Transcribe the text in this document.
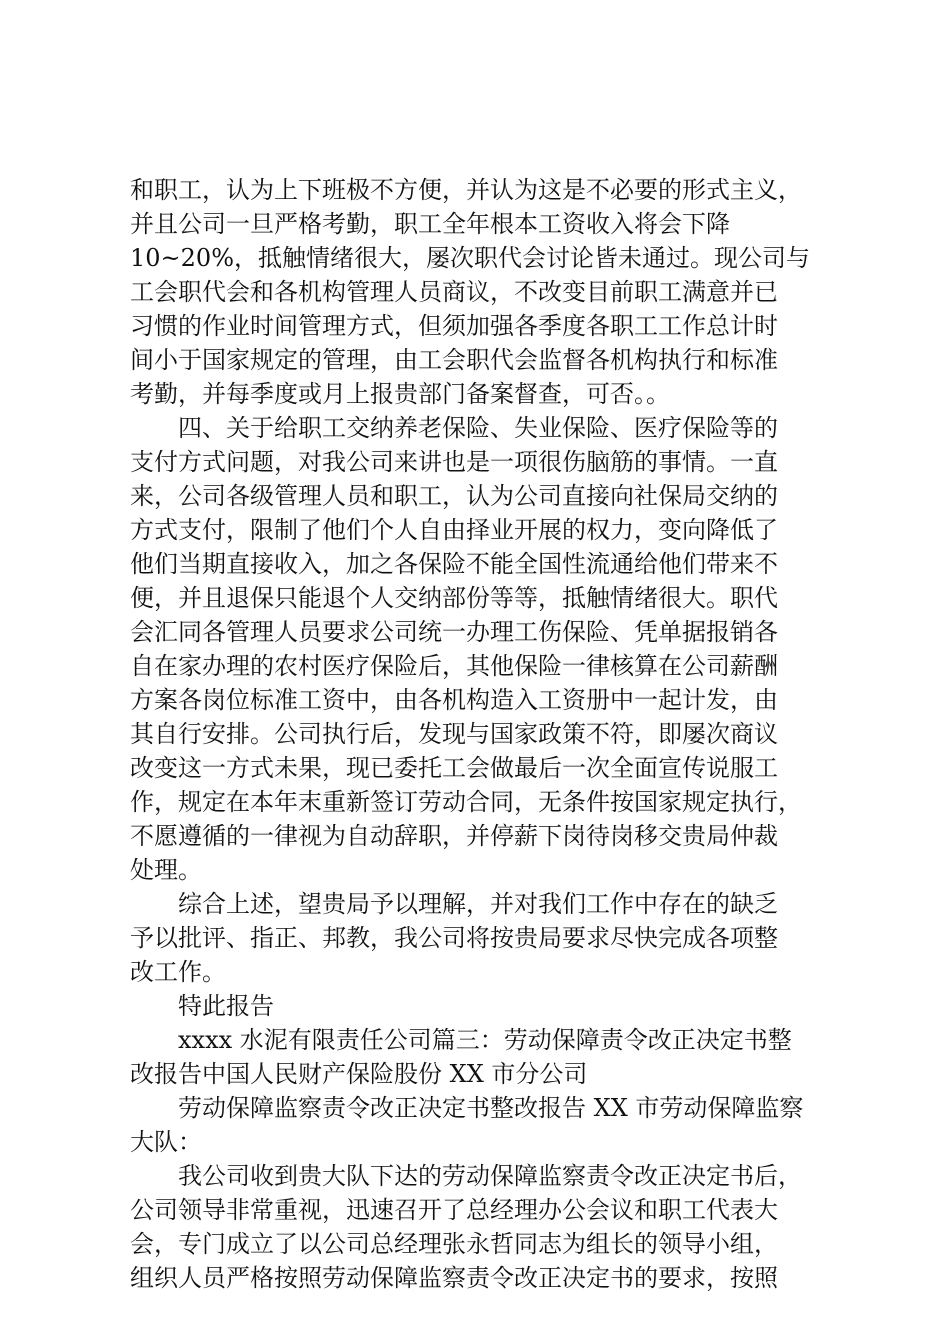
和职工，认为上下班极不方便，并认为这是不必要的形式主义，
并且公司一旦严格考勤，职工全年根本工资收入将会下降
10~20%，抵触情绪很大，屡次职代会讨论皆未通过。现公司与
工会职代会和各机构管理人员商议，不改变目前职工满意并已
习惯的作业时间管理方式，但须加强各季度各职工工作总计时
间小于国家规定的管理，由工会职代会监督各机构执行和标准
考勤，并每季度或月上报贵部门备案督查，可否。。
四、关于给职工交纳养老保险、失业保险、医疗保险等的
支付方式问题，对我公司来讲也是一项很伤脑筋的事情。一直
来，公司各级管理人员和职工，认为公司直接向社保局交纳的
方式支付，限制了他们个人自由择业开展的权力，变向降低了
他们当期直接收入，加之各保险不能全国性流通给他们带来不
便，并且退保只能退个人交纳部份等等，抵触情绪很大。职代
会汇同各管理人员要求公司统一办理工伤保险、凭单据报销各
自在家办理的农村医疗保险后，其他保险一律核算在公司薪酬
方案各岗位标准工资中，由各机构造入工资册中一起计发，由
其自行安排。公司执行后，发现与国家政策不符，即屡次商议
改变这一方式未果，现已委托工会做最后一次全面宣传说服工
作，规定在本年末重新签订劳动合同，无条件按国家规定执行，
不愿遵循的一律视为自动辞职，并停薪下岗待岗移交贵局仲裁
处理。
综合上述，望贵局予以理解，并对我们工作中存在的缺乏
予以批评、指正、邦教，我公司将按贵局要求尽快完成各项整
改工作。
特此报告
xxxx 水泥有限责任公司篇三：劳动保障责令改正决定书整
改报告中国人民财产保险股份 XX 市分公司
劳动保障监察责令改正决定书整改报告 XX 市劳动保障监察
大队：
我公司收到贵大队下达的劳动保障监察责令改正决定书后，
公司领导非常重视，迅速召开了总经理办公会议和职工代表大
会，专门成立了以公司总经理张永哲同志为组长的领导小组，
组织人员严格按照劳动保障监察责令改正决定书的要求，按照
